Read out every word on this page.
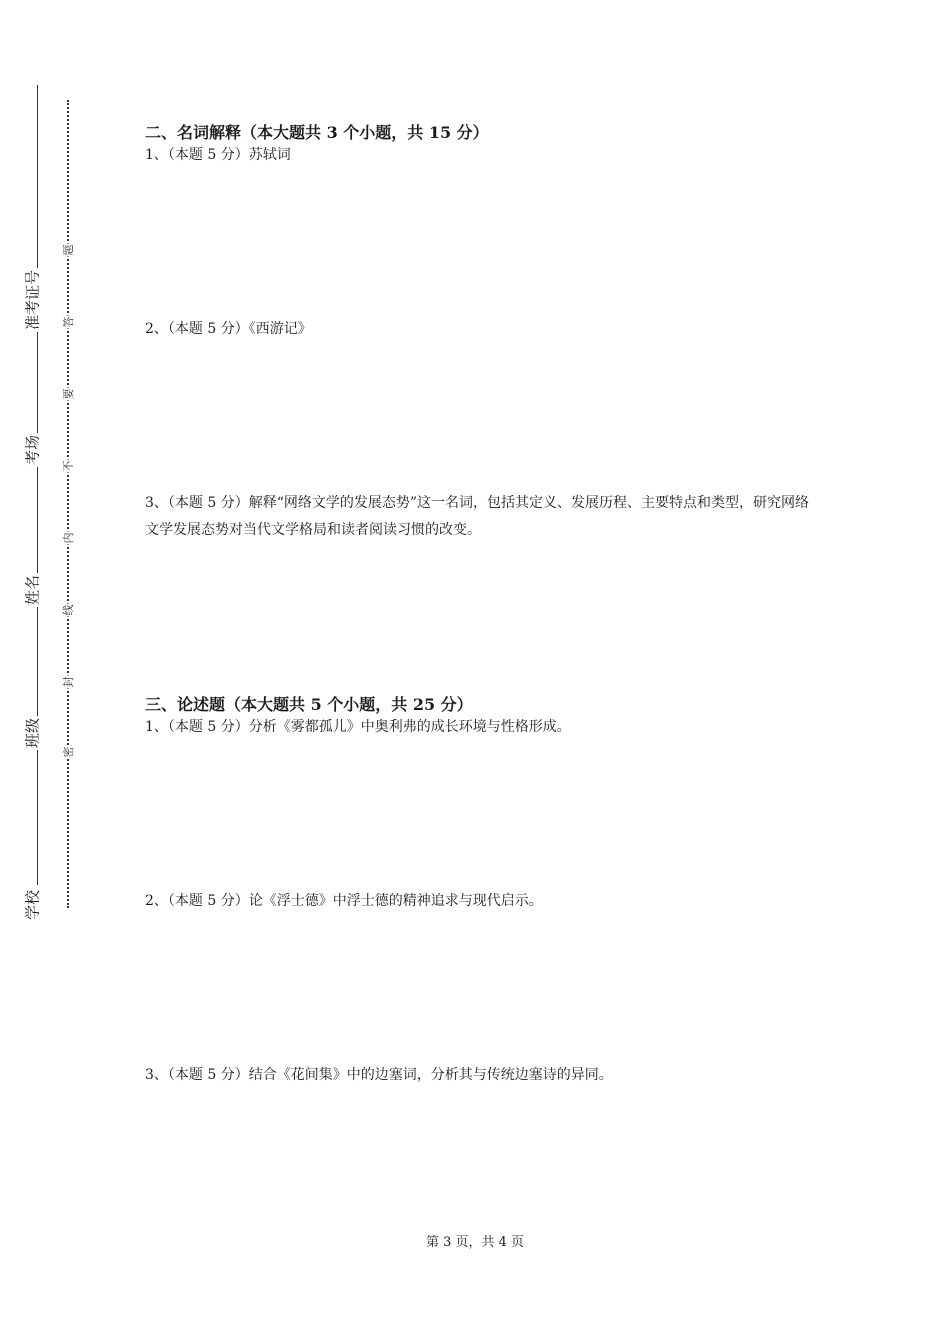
准考证号
考场
姓名
班级
学校
题
答
要
不
内
线
封
密
二、名词解释（本大题共 3 个小题，共 15 分）
1、（本题 5 分）苏轼词
2、（本题 5 分）《西游记》
3、（本题 5 分）解释“网络文学的发展态势”这一名词，包括其定义、发展历程、主要特点和类型，研究网络文学发展态势对当代文学格局和读者阅读习惯的改变。
三、论述题（本大题共 5 个小题，共 25 分）
1、（本题 5 分）分析《雾都孤儿》中奥利弗的成长环境与性格形成。
2、（本题 5 分）论《浮士德》中浮士德的精神追求与现代启示。
3、（本题 5 分）结合《花间集》中的边塞词，分析其与传统边塞诗的异同。
第 3 页，共 4 页
